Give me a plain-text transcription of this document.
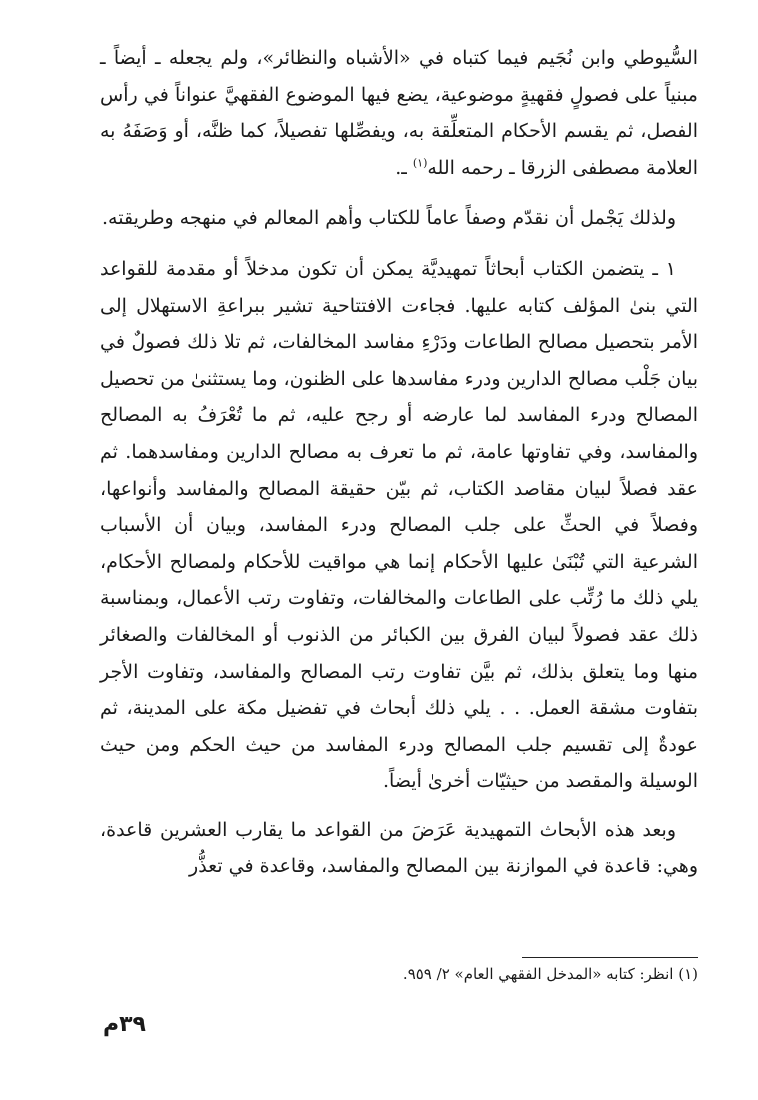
السُّيوطي وابن نُجَيم فيما كتباه في «الأشباه والنظائر»، ولم يجعله ـ أيضاً ـ مبنياً على فصولٍ فقهيةٍ موضوعية، يضع فيها الموضوع الفقهيَّ عنواناً في رأس الفصل، ثم يقسم الأحكام المتعلِّقة به، ويفصِّلها تفصيلاً، كما ظنَّه، أو وَصَفَهُ به العلامة مصطفى الزرقا ـ رحمه الله$^{(١)}$ ـ.

ولذلك يَجْمل أن نقدّم وصفاً عاماً للكتاب وأهم المعالم في منهجه وطريقته.

١ ـ يتضمن الكتاب أبحاثاً تمهيديَّة يمكن أن تكون مدخلاً أو مقدمة للقواعد التي بنىٰ المؤلف كتابه عليها. فجاءت الافتتاحية تشير ببراعةِ الاستهلال إلى الأمر بتحصيل مصالح الطاعات ودَرْءِ مفاسد المخالفات، ثم تلا ذلك فصولٌ في بيان جَلْب مصالح الدارين ودرء مفاسدها على الظنون، وما يستثنىٰ من تحصيل المصالح ودرء المفاسد لما عارضه أو رجح عليه، ثم ما تُعْرَفُ به المصالح والمفاسد، وفي تفاوتها عامة، ثم ما تعرف به مصالح الدارين ومفاسدهما. ثم عقد فصلاً لبيان مقاصد الكتاب، ثم بيّن حقيقة المصالح والمفاسد وأنواعها، وفصلاً في الحثِّ على جلب المصالح ودرء المفاسد، وبيان أن الأسباب الشرعية التي تُبْنَىٰ عليها الأحكام إنما هي مواقيت للأحكام ولمصالح الأحكام، يلي ذلك ما رُتِّب على الطاعات والمخالفات، وتفاوت رتب الأعمال، وبمناسبة ذلك عقد فصولاً لبيان الفرق بين الكبائر من الذنوب أو المخالفات والصغائر منها وما يتعلق بذلك، ثم بيَّن تفاوت رتب المصالح والمفاسد، وتفاوت الأجر بتفاوت مشقة العمل. . . يلي ذلك أبحاث في تفضيل مكة على المدينة، ثم عودةٌ إلى تقسيم جلب المصالح ودرء المفاسد من حيث الحكم ومن حيث الوسيلة والمقصد من حيثيّات أخرىٰ أيضاً.

وبعد هذه الأبحاث التمهيدية عَرَضَ من القواعد ما يقارب العشرين قاعدة، وهي: قاعدة في الموازنة بين المصالح والمفاسد، وقاعدة في تعذُّر

(١) انظر: كتابه «المدخل الفقهي العام» ٢/ ٩٥٩.
٣٩م
